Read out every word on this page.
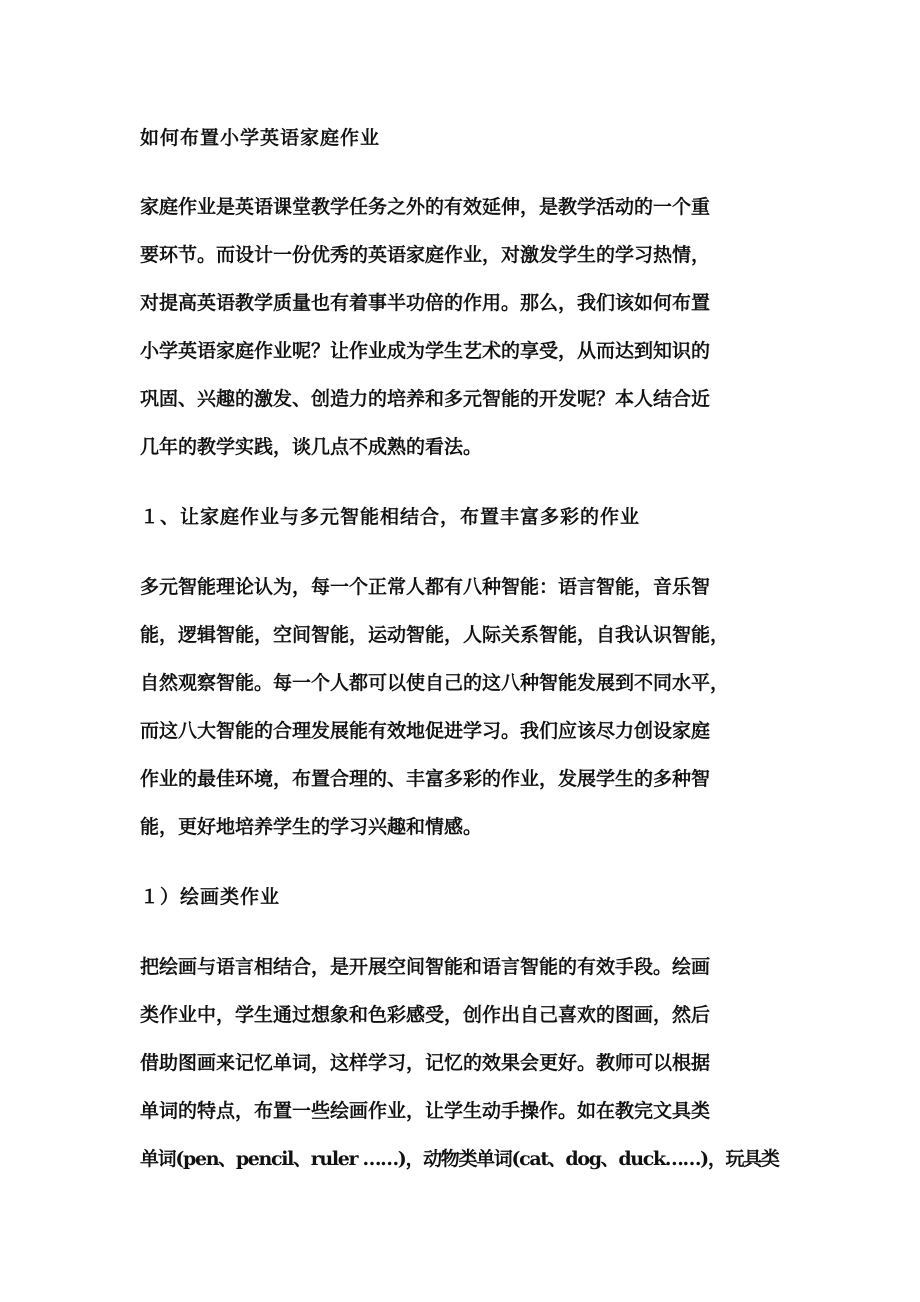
如何布置小学英语家庭作业
家庭作业是英语课堂教学任务之外的有效延伸，是教学活动的一个重
要环节。而设计一份优秀的英语家庭作业，对激发学生的学习热情，
对提高英语教学质量也有着事半功倍的作用。那么，我们该如何布置
小学英语家庭作业呢？让作业成为学生艺术的享受，从而达到知识的
巩固、兴趣的激发、创造力的培养和多元智能的开发呢？本人结合近
几年的教学实践，谈几点不成熟的看法。
１、让家庭作业与多元智能相结合，布置丰富多彩的作业
多元智能理论认为，每一个正常人都有八种智能：语言智能，音乐智
能，逻辑智能，空间智能，运动智能，人际关系智能，自我认识智能，
自然观察智能。每一个人都可以使自己的这八种智能发展到不同水平，
而这八大智能的合理发展能有效地促进学习。我们应该尽力创设家庭
作业的最佳环境，布置合理的、丰富多彩的作业，发展学生的多种智
能，更好地培养学生的学习兴趣和情感。
１）绘画类作业
把绘画与语言相结合，是开展空间智能和语言智能的有效手段。绘画
类作业中，学生通过想象和色彩感受，创作出自己喜欢的图画，然后
借助图画来记忆单词，这样学习，记忆的效果会更好。教师可以根据
单词的特点，布置一些绘画作业，让学生动手操作。如在教完文具类
单词(pen、pencil、ruler ……)，动物类单词(cat、dog、duck……)，玩具类
